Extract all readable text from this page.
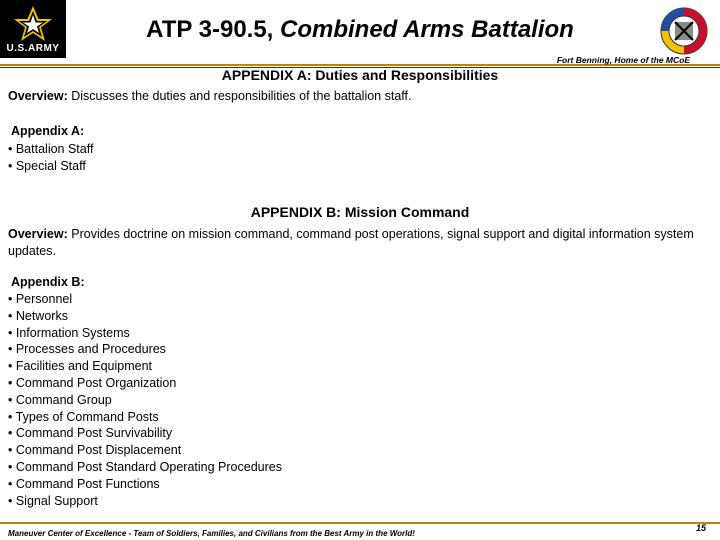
U.S.ARMY
ATP 3-90.5, Combined Arms Battalion
Fort Benning, Home of the MCoE
APPENDIX A: Duties and Responsibilities
Overview: Discusses the duties and responsibilities of the battalion staff.
Appendix A:
• Battalion Staff
• Special Staff
APPENDIX B: Mission Command
Overview: Provides doctrine on mission command, command post operations, signal support and digital information system updates.
Appendix B:
• Personnel
• Networks
• Information Systems
• Processes and Procedures
• Facilities and Equipment
• Command Post Organization
• Command Group
• Types of Command Posts
• Command Post Survivability
• Command Post Displacement
• Command Post Standard Operating Procedures
• Command Post Functions
• Signal Support
Maneuver Center of Excellence - Team of Soldiers, Families, and Civilians from the Best Army in the World!
15
